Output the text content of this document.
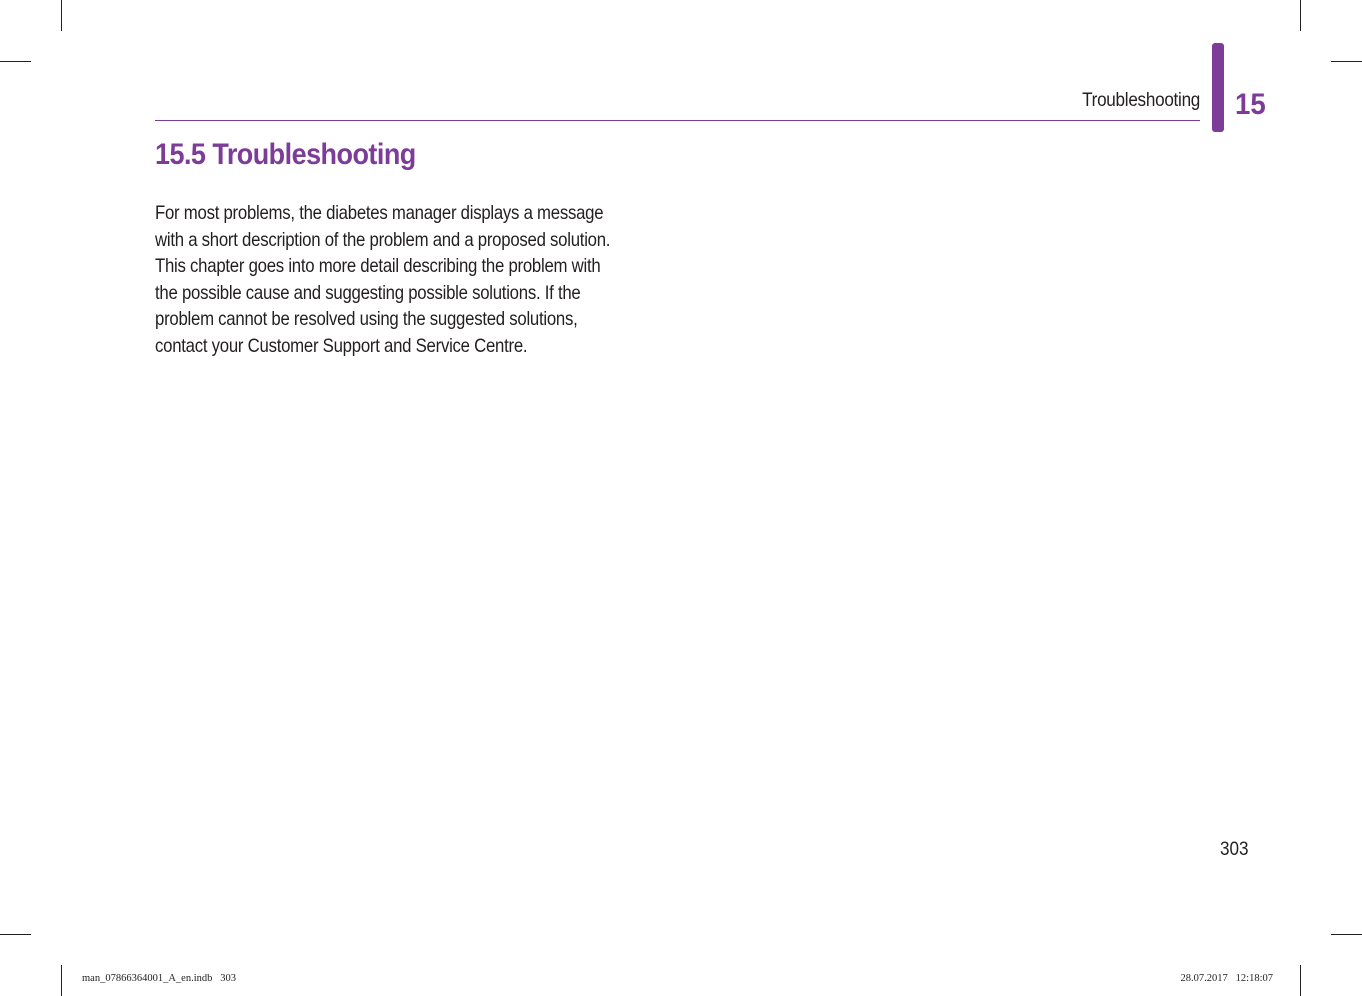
Troubleshooting 15
15.5 Troubleshooting

For most problems, the diabetes manager displays a message
with a short description of the problem and a proposed solution.
This chapter goes into more detail describing the problem with
the possible cause and suggesting possible solutions. If the
problem cannot be resolved using the suggested solutions,
contact your Customer Support and Service Centre.

303
man_07866364001_A_en.indb   303	28.07.2017   12:18:07
